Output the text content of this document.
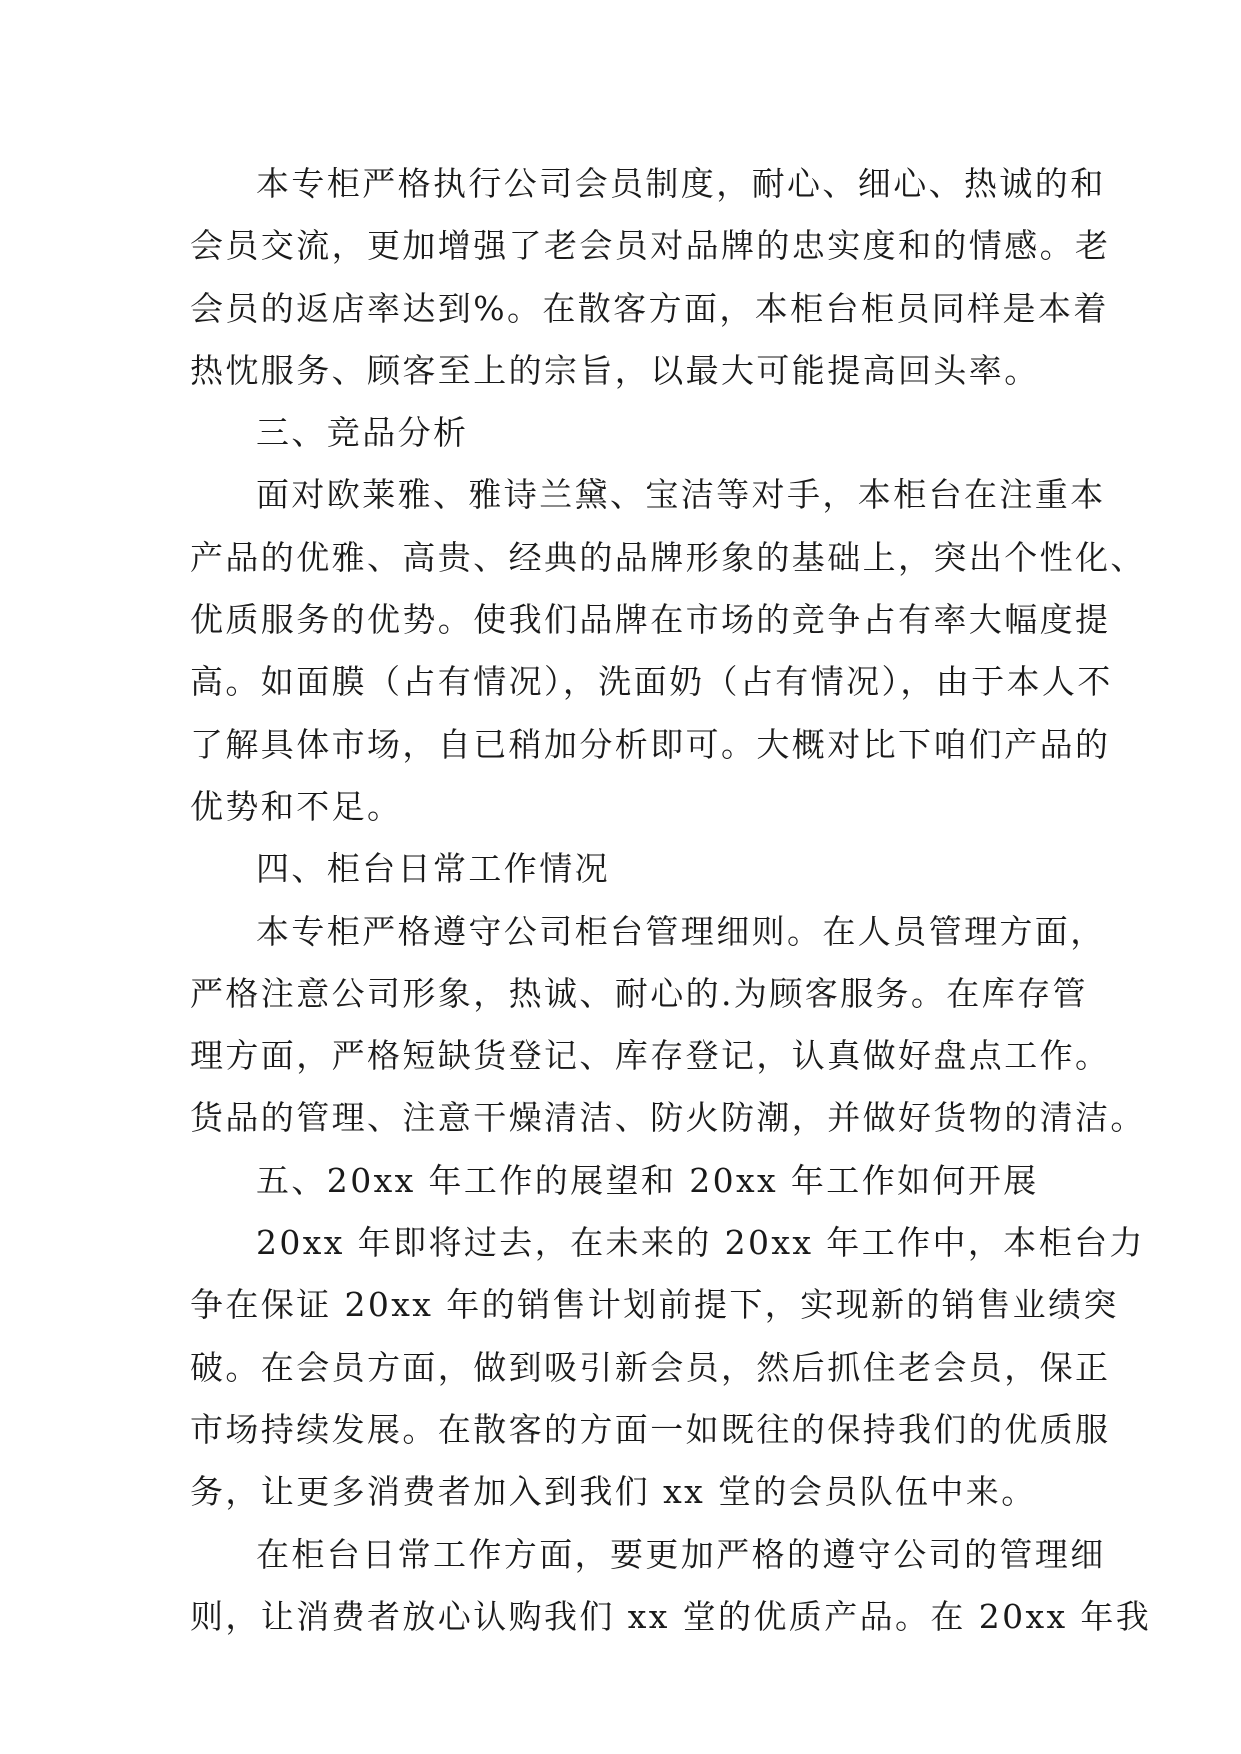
本专柜严格执行公司会员制度，耐心、细心、热诚的和
会员交流，更加增强了老会员对品牌的忠实度和的情感。老
会员的返店率达到%。在散客方面，本柜台柜员同样是本着
热忱服务、顾客至上的宗旨，以最大可能提高回头率。
三、竞品分析
面对欧莱雅、雅诗兰黛、宝洁等对手，本柜台在注重本
产品的优雅、高贵、经典的品牌形象的基础上，突出个性化、
优质服务的优势。使我们品牌在市场的竞争占有率大幅度提
高。如面膜（占有情况），洗面奶（占有情况），由于本人不
了解具体市场，自已稍加分析即可。大概对比下咱们产品的
优势和不足。
四、柜台日常工作情况
本专柜严格遵守公司柜台管理细则。在人员管理方面，
严格注意公司形象，热诚、耐心的.为顾客服务。在库存管
理方面，严格短缺货登记、库存登记，认真做好盘点工作。
货品的管理、注意干燥清洁、防火防潮，并做好货物的清洁。
五、20xx 年工作的展望和 20xx 年工作如何开展
20xx 年即将过去，在未来的 20xx 年工作中，本柜台力
争在保证 20xx 年的销售计划前提下，实现新的销售业绩突
破。在会员方面，做到吸引新会员，然后抓住老会员，保正
市场持续发展。在散客的方面一如既往的保持我们的优质服
务，让更多消费者加入到我们 xx 堂的会员队伍中来。
在柜台日常工作方面，要更加严格的遵守公司的管理细
则，让消费者放心认购我们 xx 堂的优质产品。在 20xx 年我
